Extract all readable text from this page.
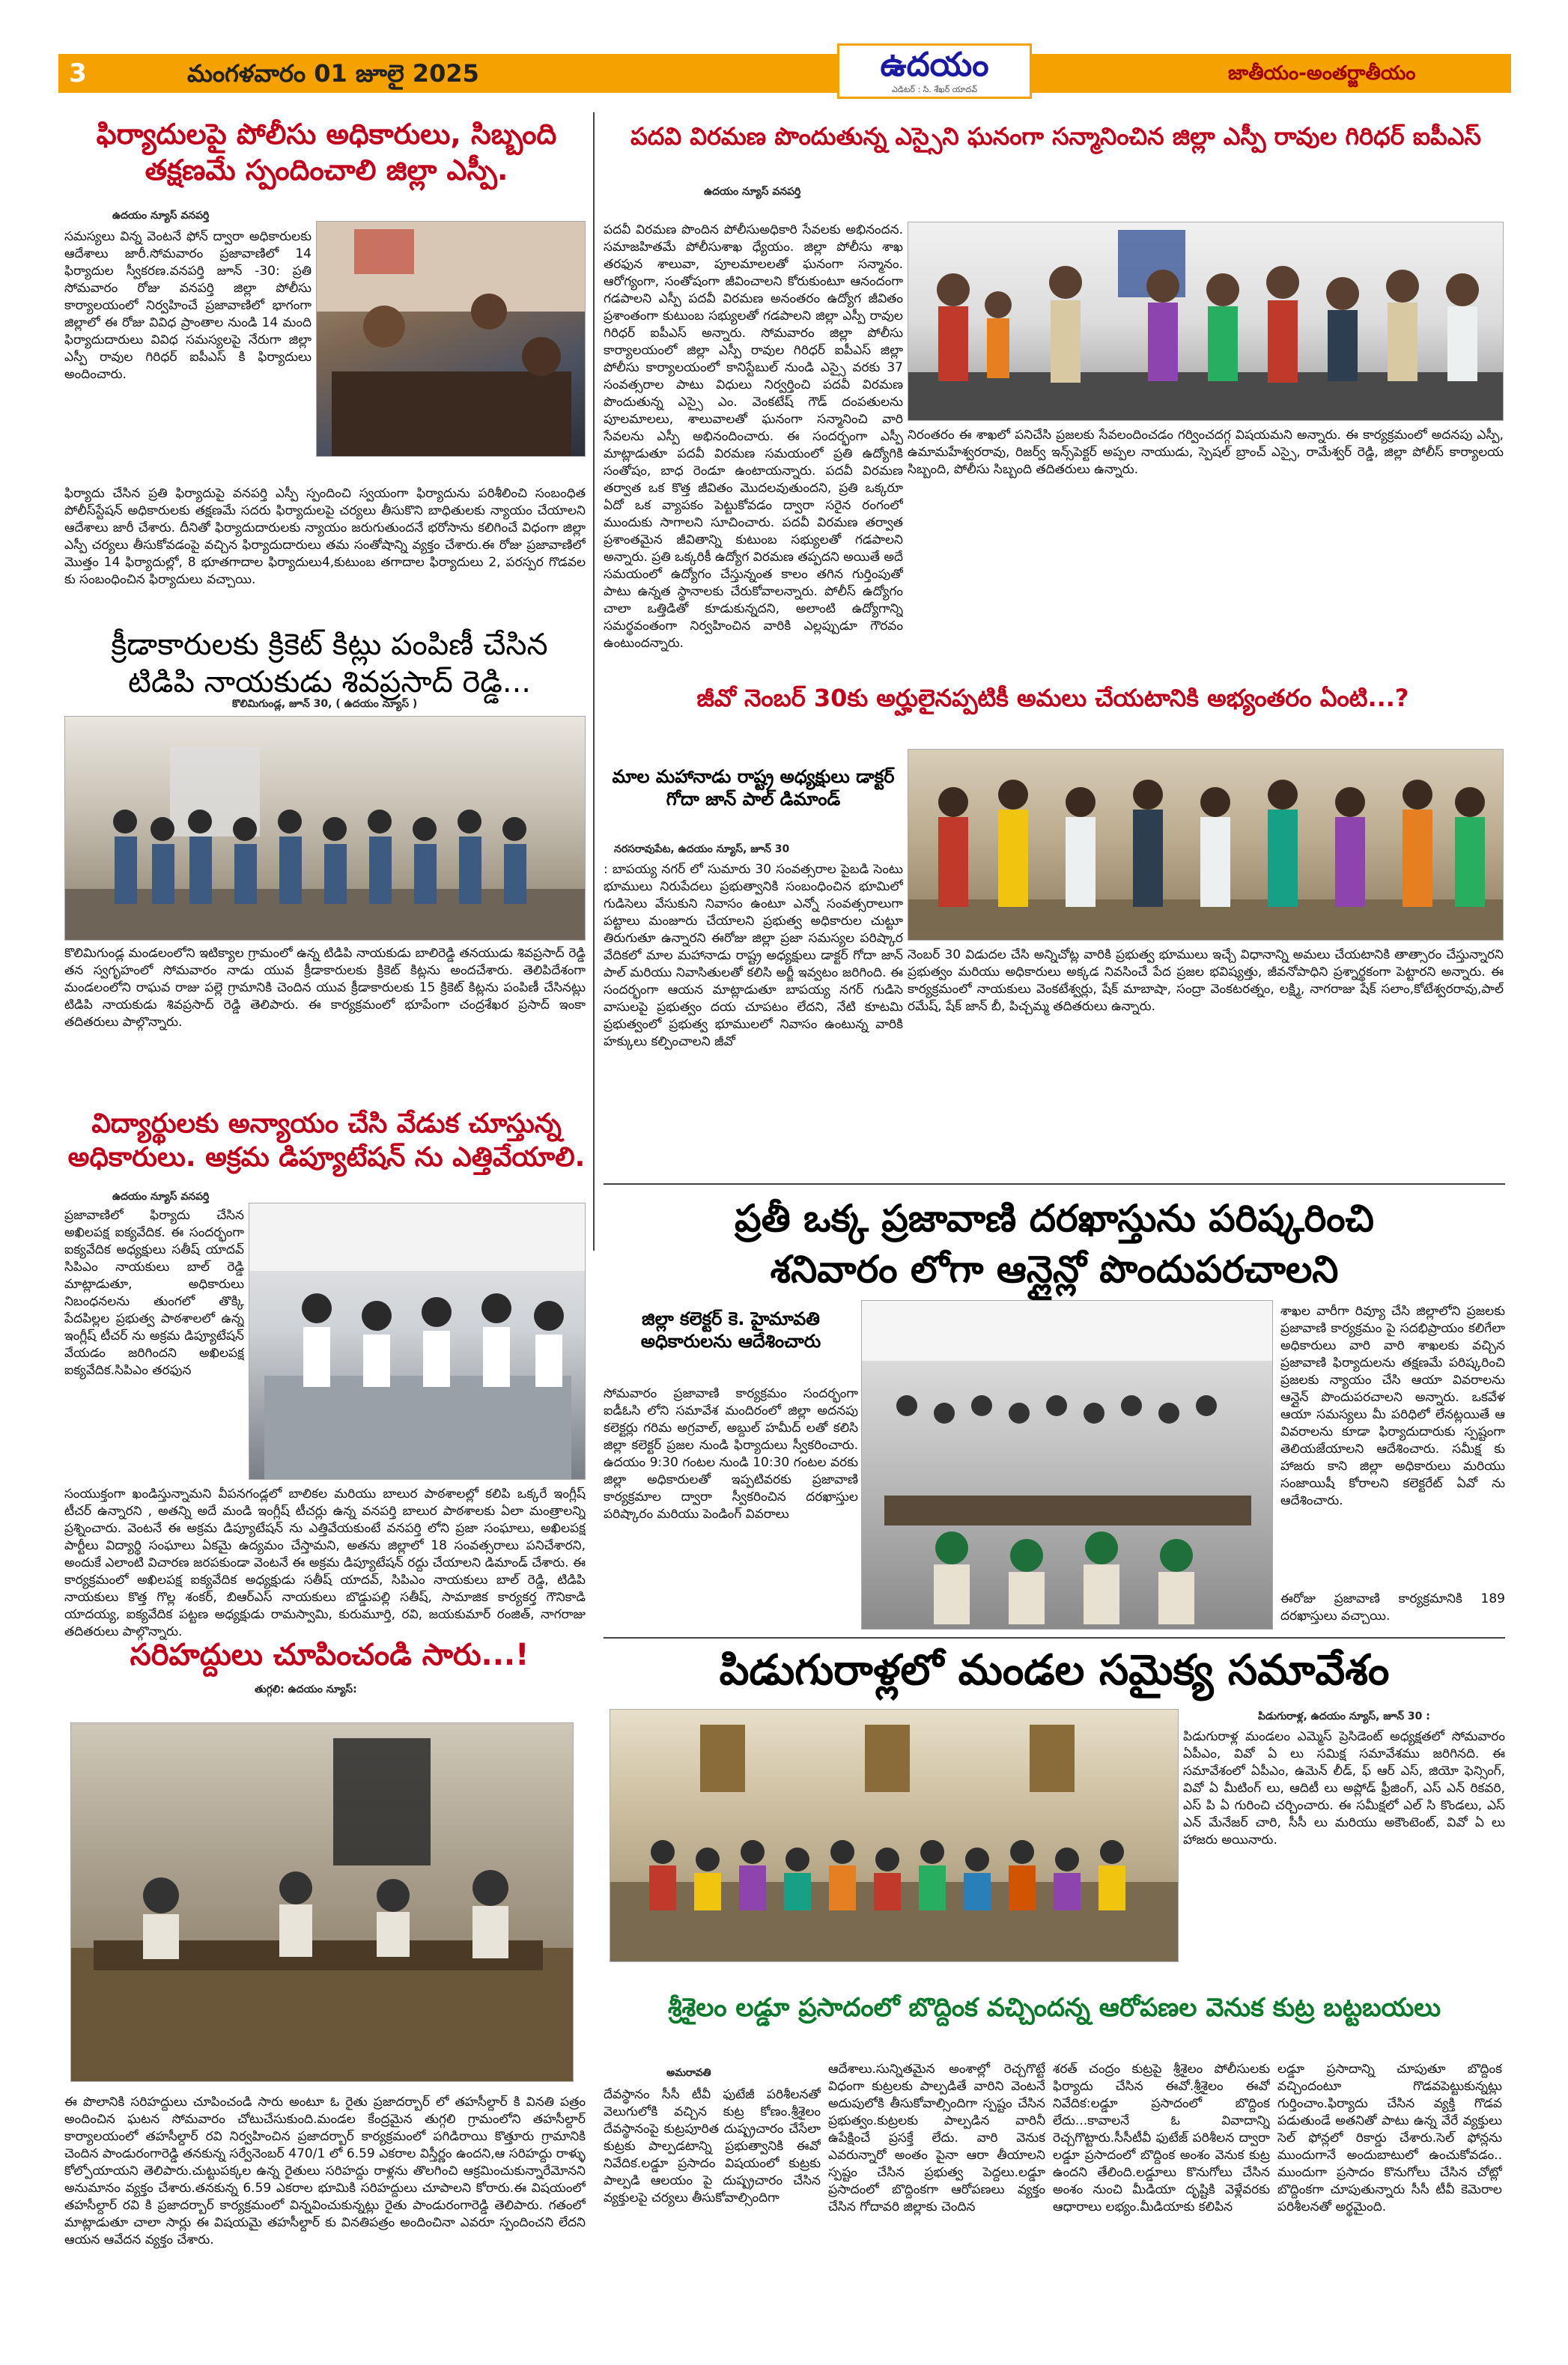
3	మంగళవారం 01 జూలై 2025	ఉదయం
ఎడిటర్ : సి. శేఖర్ యాదవ్
జాతీయం-అంతర్జాతీయం
ఫిర్యాదులపై పోలీసు అధికారులు, సిబ్బంది తక్షణమే స్పందించాలి జిల్లా ఎస్పీ.
ఉదయం న్యూస్ వనపర్తి
సమస్యలు విన్న వెంటనే ఫోన్ ద్వారా అధికారులకు ఆదేశాలు జారీ.సోమవారం ప్రజావాణిలో 14 ఫిర్యాదుల స్వీకరణ.వనపర్తి జూన్ -30: ప్రతి సోమవారం రోజు వనపర్తి జిల్లా పోలీసు కార్యాలయంలో నిర్వహించే ప్రజావాణిలో భాగంగా జిల్లాలో ఈ రోజు వివిధ ప్రాంతాల నుండి 14 మంది ఫిర్యాదుదారులు వివిధ సమస్యలపై నేరుగా జిల్లా ఎస్పీ రావుల గిరిధర్ ఐపీఎస్ కి ఫిర్యాదులు అందించారు.
ఫిర్యాదు చేసిన ప్రతి ఫిర్యాదుపై వనపర్తి ఎస్పీ స్పందించి స్వయంగా ఫిర్యాదును పరిశీలించి సంబంధిత పోలీస్‌స్టేషన్ అధికారులకు తక్షణమే సదరు ఫిర్యాదులపై చర్యలు తీసుకొని బాధితులకు న్యాయం చేయాలని ఆదేశాలు జారీ చేశారు. దీనితో ఫిర్యాదుదారులకు న్యాయం జరుగుతుందనే భరోసాను కలిగించే విధంగా జిల్లా ఎస్పీ చర్యలు తీసుకోవడంపై వచ్చిన ఫిర్యాదుదారులు తమ సంతోషాన్ని వ్యక్తం చేశారు.ఈ రోజు ప్రజావాణిలో మొత్తం 14 ఫిర్యాదుల్లో, 8 భూతగాదాల ఫిర్యాదులు4,కుటుంబ తగాదాల ఫిర్యాదులు 2, పరస్పర గొడవల కు సంబంధించిన ఫిర్యాదులు వచ్చాయి.
క్రీడాకారులకు క్రికెట్ కిట్లు పంపిణీ చేసిన టిడిపి నాయకుడు శివప్రసాద్ రెడ్డి...
కొలిమిగుండ్ల, జూన్ 30, ( ఉదయం న్యూస్ )
కొలిమిగుండ్ల మండలంలోని ఇటిక్యాల గ్రామంలో ఉన్న టిడిపి నాయకుడు బాలిరెడ్డి తనయుడు శివప్రసాద్ రెడ్డి తన స్వగృహంలో సోమవారం నాడు యువ క్రీడాకారులకు క్రికెట్ కిట్లను అందచేశారు. తెలిపిదేశంగా మండలంలోని రాఘవ రాజు పల్లె గ్రామానికి చెందిన యువ క్రీడాకారులకు 15 క్రికెట్ కిట్లను పంపిణీ చేసినట్లు టిడిపి నాయకుడు శివప్రసాద్ రెడ్డి తెలిపారు. ఈ కార్యక్రమంలో భూపేంగా చంద్రశేఖర ప్రసాద్ ఇంకా తదితరులు పాల్గొన్నారు.
విద్యార్థులకు అన్యాయం చేసి వేడుక చూస్తున్న అధికారులు. అక్రమ డిప్యూటేషన్ ను ఎత్తివేయాలి.
ఉదయం న్యూస్ వనపర్తి
ప్రజావాణిలో ఫిర్యాదు చేసిన అఖిలపక్ష ఐక్యవేదిక. ఈ సందర్భంగా ఐక్యవేదిక అధ్యక్షులు సతీష్ యాదవ్ సిపిఎం నాయకులు బాల్ రెడ్డి మాట్లాడుతూ, అధికారులు నిబంధనలను తుంగలో తొక్కి పేదపిల్లల ప్రభుత్వ పాఠశాలలో ఉన్న ఇంగ్లీష్ టీచర్ ను అక్రమ డిప్యూటేషన్ వేయడం జరిగిందని అఖిలపక్ష ఐక్యవేదిక.సిపిఎం తరఫున
సంయుక్తంగా ఖండిస్తున్నామని వీపనగండ్లలో బాలికల మరియు బాలుర పాఠశాలల్లో కలిపి ఒక్కరే ఇంగ్లీష్ టీచర్ ఉన్నారని , అతన్ని అదే మండి ఇంగ్లీష్ టీచర్లు ఉన్న వనపర్తి బాలుర పాఠశాలకు ఏలా మంత్రాలన్ని ప్రశ్నించారు. వెంటనే ఈ అక్రమ డిప్యూటేషన్ ను ఎత్తివేయకుంటే వనపర్తి లోని ప్రజా సంఘాలు, అఖిలపక్ష పార్టీలు విద్యార్థి సంఘాలు ఏకమై ఉద్యమం చేస్తామని, అతను జిల్లాలో 18 సంవత్సరాలు పనిచేశారని, అందుకే ఎలాంటి విచారణ జరపకుండా వెంటనే ఈ అక్రమ డిప్యూటేషన్ రద్దు చేయాలని డిమాండ్ చేశారు. ఈ కార్యక్రమంలో అఖిలపక్ష ఐక్యవేదిక అధ్యక్షుడు సతీష్ యాదవ్, సిపిఎం నాయకులు బాల్ రెడ్డి, టిడిపి నాయకులు కొత్త గొల్ల శంకర్, బిఆర్ఎస్ నాయకులు బొడ్డుపల్లి సతీష్, సామాజిక కార్యకర్త గౌనికాడి యాదయ్య, ఐక్యవేదిక పట్టణ అధ్యక్షుడు రామస్వామి, కురుమూర్తి, రవి, జయకుమార్ రంజిత్, నాగరాజు తదితరులు పాల్గొన్నారు.
సరిహద్దులు చూపించండి సారు...!
తుగ్గలి: ఉదయం న్యూస్:
ఈ పొలానికి సరిహద్దులు చూపించండి సారు అంటూ ఓ రైతు ప్రజాదర్బార్ లో తహసీల్దార్ కి వినతి పత్రం అందించిన ఘటన సోమవారం చోటుచేసుకుంది.మండల కేంద్రమైన తుగ్గలి గ్రామంలోని తహసీల్దార్ కార్యాలయంలో తహసీల్దార్ రవి నిర్వహించిన ప్రజాదర్బార్ కార్యక్రమంలో పగిడిరాయి కొత్తూరు గ్రామానికి చెందిన పాండురంగారెడ్డి తనకున్న సర్వేనెంబర్ 470/1 లో 6.59 ఎకరాల విస్తీర్ణం ఉందని,ఆ సరిహద్దు రాళ్ళు కోల్పోయాయని తెలిపారు.చుట్టుపక్కల ఉన్న రైతులు సరిహద్దు రాళ్లను తొలగించి ఆక్రమించుకున్నారేమోనని అనుమానం వ్యక్తం చేశారు.తనకున్న 6.59 ఎకరాల భూమికి సరిహద్దులు చూపాలని కోరారు.ఈ విషయంలో తహసీల్దార్ రవి కి ప్రజాదర్బార్ కార్యక్రమంలో విన్నవించుకున్నట్లు రైతు పాండురంగారెడ్డి తెలిపారు. గతంలో మాట్లాడుతూ చాలా సార్లు ఈ విషయమై తహసీల్దార్ కు వినతిపత్రం అందించినా ఎవరూ స్పందించని లేదని ఆయన ఆవేదన వ్యక్తం చేశారు.
పదవి విరమణ పొందుతున్న ఎస్సైని ఘనంగా సన్మానించిన జిల్లా ఎస్పీ రావుల గిరిధర్ ఐపీఎస్
ఉదయం న్యూస్ వనపర్తి
పదవీ విరమణ పొందిన పోలీసుఅధికారి సేవలకు అభినందన. సమాజహితమే పోలీసుశాఖ ధ్యేయం. జిల్లా పోలీసు శాఖ తరఫున శాలువా, పూలమాలలతో ఘనంగా సన్మానం. ఆరోగ్యంగా, సంతోషంగా జీవించాలని కోరుకుంటూ ఆనందంగా గడపాలని ఎస్పీ పదవీ విరమణ అనంతరం ఉద్యోగ జీవితం ప్రశాంతంగా కుటుంబ సభ్యులతో గడపాలని జిల్లా ఎస్పీ రావుల గిరిధర్ ఐపీఎస్ అన్నారు. సోమవారం జిల్లా పోలీసు కార్యాలయంలో జిల్లా ఎస్పీ రావుల గిరిధర్ ఐపీఎస్ జిల్లా పోలీసు కార్యాలయంలో కానిస్టేబుల్ నుండి ఎస్సై వరకు 37 సంవత్సరాల పాటు విధులు నిర్వర్తించి పదవీ విరమణ పొందుతున్న ఎస్సై ఎం. వెంకటేష్ గౌడ్ దంపతులను పూలమాలలు, శాలువాలతో ఘనంగా సన్మానించి వారి సేవలను ఎస్పీ అభినందించారు. ఈ సందర్భంగా ఎస్పీ మాట్లాడుతూ పదవీ విరమణ సమయంలో ప్రతి ఉద్యోగికి సంతోషం, బాధ రెండూ ఉంటాయన్నారు. పదవీ విరమణ తర్వాత ఒక కొత్త జీవితం మొదలవుతుందని, ప్రతి ఒక్కరూ ఏదో ఒక వ్యాపకం పెట్టుకోవడం ద్వారా సరైన రంగంలో ముందుకు సాగాలని సూచించారు. పదవీ విరమణ తర్వాత ప్రశాంతమైన జీవితాన్ని కుటుంబ సభ్యులతో గడపాలని అన్నారు. ప్రతి ఒక్కరికీ ఉద్యోగ విరమణ తప్పదని అయితే అదే సమయంలో ఉద్యోగం చేస్తున్నంత కాలం తగిన గుర్తింపుతో పాటు ఉన్నత స్థానాలకు చేరుకోవాలన్నారు. పోలీస్ ఉద్యోగం చాలా ఒత్తిడితో కూడుకున్నదని, అలాంటి ఉద్యోగాన్ని సమర్థవంతంగా నిర్వహించిన వారికి ఎల్లప్పుడూ గౌరవం ఉంటుందన్నారు.
నిరంతరం ఈ శాఖలో పనిచేసి ప్రజలకు సేవలందించడం గర్వించదగ్గ విషయమని అన్నారు. ఈ కార్యక్రమంలో అదనపు ఎస్పీ, ఉమామహేశ్వరరావు, రిజర్వ్ ఇన్స్‌పెక్టర్ అప్పల నాయుడు, స్పెషల్ బ్రాంచ్ ఎస్సై, రామేశ్వర్ రెడ్డి, జిల్లా పోలీస్ కార్యాలయ సిబ్బంది, పోలీసు సిబ్బంది తదితరులు ఉన్నారు.
జీవో నెంబర్ 30కు అర్హులైనప్పటికీ అమలు చేయటానికి అభ్యంతరం ఏంటి...?
మాల మహానాడు రాష్ట్ర అధ్యక్షులు డాక్టర్ గోదా జాన్ పాల్ డిమాండ్
నరసరావుపేట, ఉదయం న్యూస్, జూన్ 30
: బాపయ్య నగర్ లో సుమారు 30 సంవత్సరాల పైబడి సెంటు భూములు నిరుపేదలు ప్రభుత్వానికి సంబంధించిన భూమిలో గుడిసెలు వేసుకుని నివాసం ఉంటూ ఎన్నో సంవత్సరాలుగా పట్టాలు మంజూరు చేయాలని ప్రభుత్వ అధికారుల చుట్టూ తిరుగుతూ ఉన్నారని ఈరోజు జిల్లా ప్రజా సమస్యల పరిష్కార వేదికలో మాల మహానాడు రాష్ట్ర అధ్యక్షులు డాక్టర్ గోదా జాన్ పాల్ మరియు నివాసితులతో కలిసి అర్జీ ఇవ్వటం జరిగింది. ఈ సందర్భంగా ఆయన మాట్లాడుతూ బాపయ్య నగర్ గుడిసె వాసులపై ప్రభుత్వం దయ చూపటం లేదని, నేటి కూటమి ప్రభుత్వంలో ప్రభుత్వ భూములలో నివాసం ఉంటున్న వారికి హక్కులు కల్పించాలని జీవో
నెంబర్ 30 విడుదల చేసి అన్నిచోట్ల వారికి ప్రభుత్వ భూములు ఇచ్చే విధానాన్ని అమలు చేయటానికి తాత్సారం చేస్తున్నారని ప్రభుత్వం మరియు అధికారులు అక్కడ నివసించే పేద ప్రజల భవిష్యత్తు, జీవనోపాధిని ప్రశ్నార్థకంగా పెట్టారని అన్నారు. ఈ కార్యక్రమంలో నాయకులు వెంకటేశ్వర్లు, షేక్ మాబాషా, సంద్రా వెంకటరత్నం, లక్ష్మి, నాగరాజు షేక్ సలాం,కోటేశ్వరరావు,పాల్ రమేష్, షేక్ జాన్ బీ, పిచ్చమ్మ తదితరులు ఉన్నారు.
ప్రతీ ఒక్క ప్రజావాణి దరఖాస్తును పరిష్కరించి
శనివారం లోగా ఆన్లైన్లో పొందుపరచాలని
జిల్లా కలెక్టర్ కె. హైమావతి అధికారులను ఆదేశించారు
సోమవారం ప్రజావాణి కార్యక్రమం సందర్భంగా ఐడీఓసి లోని సమావేశ మందిరంలో జిల్లా అదనపు కలెక్టర్లు గరిమ అగ్రవాల్, అబ్దుల్ హమీద్ లతో కలిసి జిల్లా కలెక్టర్ ప్రజల నుండి ఫిర్యాదులు స్వీకరించారు. ఉదయం 9:30 గంటల నుండి 10:30 గంటల వరకు జిల్లా అధికారులతో ఇప్పటివరకు ప్రజావాణి కార్యక్రమాల ద్వారా స్వీకరించిన దరఖాస్తుల పరిష్కారం మరియు పెండింగ్ వివరాలు
శాఖల వారీగా రివ్యూ చేసి జిల్లాలోని ప్రజలకు ప్రజావాణి కార్యక్రమం పై సదభిప్రాయం కలిగేలా అధికారులు వారి వారి శాఖలకు వచ్చిన ప్రజావాణి ఫిర్యాదులను తక్షణమే పరిష్కరించి ప్రజలకు న్యాయం చేసి ఆయా వివరాలను ఆన్లైన్ పొందుపరచాలని అన్నారు. ఒకవేళ ఆయా సమస్యలు మీ పరిధిలో లేనట్లయితే ఆ వివరాలను కూడా ఫిర్యాదుదారుకు స్పష్టంగా తెలియజేయాలని ఆదేశించారు. సమీక్ష కు హాజరు కాని జిల్లా అధికారులు మరియు సంజాయిషీ కోరాలని కలెక్టరేట్ ఏవో ను ఆదేశించారు.
ఈరోజు ప్రజావాణి కార్యక్రమానికి 189 దరఖాస్తులు వచ్చాయి.
పిడుగురాళ్లలో మండల సమైక్య సమావేశం
పిడుగురాళ్ల, ఉదయం న్యూస్, జూన్ 30 :
పిడుగురాళ్ల మండలం ఎమ్మెస్ ప్రెసిడెంట్ అధ్యక్షతలో సోమవారం ఏపీఎం, వివో ఏ లు సమిక్ష సమావేశము జరిగినది. ఈ సమావేశంలో ఏపీఎం, ఉమెన్ లీడ్, ఫ్ ఆర్ ఎస్, జియో ఫెన్సింగ్, వివో ఏ మీటింగ్ లు, ఆదిటీ లు అప్లోడ్ ఫ్రీజింగ్, ఎస్ ఎన్ రికవరి, ఎస్ పి ఏ గురించి చర్చించారు. ఈ సమీక్షలో ఎల్ సి కొండలు, ఎస్ ఎన్ మేనేజర్ చారి, సీసీ లు మరియు అకౌంటెంట్, వివో ఏ లు హాజరు అయినారు.
శ్రీశైలం లడ్డూ ప్రసాదంలో బొద్దింక వచ్చిందన్న ఆరోపణల వెనుక కుట్ర బట్టబయలు
అమరావతి
దేవస్థానం సీసీ టీవీ ఫుటేజీ పరిశీలనతో వెలుగులోకి వచ్చిన కుట్ర కోణం.శ్రీశైలం దేవస్థానంపై కుట్రపూరిత దుష్ప్రచారం చేసేలా కుట్రకు పాల్పడటాన్ని ప్రభుత్వానికి ఈవో నివేదిక.లడ్డూ ప్రసాదం విషయంలో కుట్రకు పాల్పడి ఆలయం పై దుష్ప్రచారం చేసిన వ్యక్తులపై చర్యలు తీసుకోవాల్సిందిగా
ఆదేశాలు.సున్నితమైన అంశాల్లో రెచ్చగొట్టే విధంగా కుట్రలకు పాల్పడితే వారిని వెంటనే అదుపులోకి తీసుకోవాల్సిందిగా స్పష్టం చేసిన ప్రభుత్వం.కుట్రలకు పాల్పడిన వారినీ ఉపేక్షించే ప్రసక్తే లేదు. వారి వెనుక ఎవరున్నారో అంతం పైనా ఆరా తీయాలని స్పష్టం చేసిన ప్రభుత్వ పెద్దలు.లడ్డూ ప్రసాదంలో బొద్దింకగా ఆరోపణలు వ్యక్తం చేసిన గోదావరి జిల్లాకు చెందిన
శరత్ చంద్రం కుట్రపై శ్రీశైలం పోలీసులకు ఫిర్యాదు చేసిన ఈవో.శ్రీశైలం ఈవో నివేదిక:లడ్డూ ప్రసాదంలో బొద్దింక లేదు...కావాలనే ఓ వివాదాన్ని రెచ్చగొట్టారు.సీసీటీవీ ఫుటేజ్ పరిశీలన ద్వారా లడ్డూ ప్రసాదంలో బొద్దింక అంశం వెనుక కుట్ర ఉందని తేలింది.లడ్డూలు కొనుగోలు చేసిన అంశం నుంచి మీడియా దృష్టికి వెళ్లేవరకు ఆధారాలు లభ్యం.మీడియాకు కలిపిన
లడ్డూ ప్రసాదాన్ని చూపుతూ బొద్దింక వచ్చిందంటూ గొడవపెట్టుకున్నట్లు గుర్తించాం.ఫిర్యాదు చేసిన వ్యక్తి గొడవ పడుతుండే అతనితో పాటు ఉన్న వేరే వ్యక్తులు సెల్ ఫోన్లలో రికార్డు చేశారు.సెల్ ఫోన్లను ముందుగానే అందుబాటులో ఉంచుకోవడం.. ముందుగా ప్రసాదం కొనుగోలు చేసిన చోట్లో బొద్దింకగా చూపుతున్నారు సీసీ టీవీ కెమెరాల పరిశీలనతో అర్థమైంది.
